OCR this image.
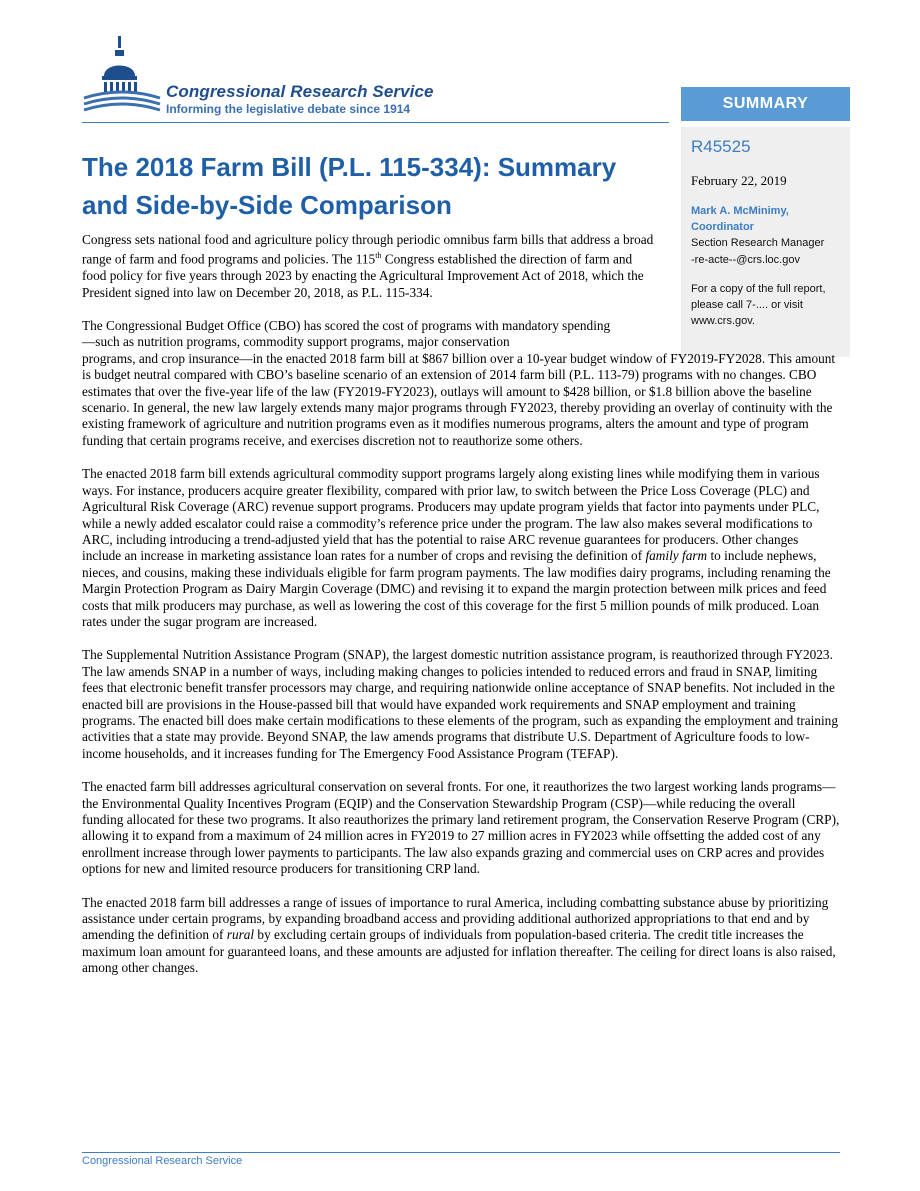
Congressional Research Service
Informing the legislative debate since 1914	SUMMARY
R45525
February 22, 2019
Mark A. McMinimy,
Coordinator
Section Research Manager
-re-acte--@crs.loc.gov
For a copy of the full report, please call 7-.... or visit www.crs.gov.
The 2018 Farm Bill (P.L. 115-334): Summary and Side-by-Side Comparison

Congress sets national food and agriculture policy through periodic omnibus farm bills that address a broad range of farm and food programs and policies. The 115th Congress established the direction of farm and food policy for five years through 2023 by enacting the Agricultural Improvement Act of 2018, which the President signed into law on December 20, 2018, as P.L. 115-334.

The Congressional Budget Office (CBO) has scored the cost of programs with mandatory spending—such as nutrition programs, commodity support programs, major conservation
programs, and crop insurance—in the enacted 2018 farm bill at $867 billion over a 10-year budget window of FY2019-FY2028. This amount is budget neutral compared with CBO’s baseline scenario of an extension of 2014 farm bill (P.L. 113-79) programs with no changes. CBO estimates that over the five-year life of the law (FY2019-FY2023), outlays will amount to $428 billion, or $1.8 billion above the baseline scenario. In general, the new law largely extends many major programs through FY2023, thereby providing an overlay of continuity with the existing framework of agriculture and nutrition programs even as it modifies numerous programs, alters the amount and type of program funding that certain programs receive, and exercises discretion not to reauthorize some others.

The enacted 2018 farm bill extends agricultural commodity support programs largely along existing lines while modifying them in various ways. For instance, producers acquire greater flexibility, compared with prior law, to switch between the Price Loss Coverage (PLC) and Agricultural Risk Coverage (ARC) revenue support programs. Producers may update program yields that factor into payments under PLC, while a newly added escalator could raise a commodity’s reference price under the program. The law also makes several modifications to ARC, including introducing a trend-adjusted yield that has the potential to raise ARC revenue guarantees for producers. Other changes include an increase in marketing assistance loan rates for a number of crops and revising the definition of family farm to include nephews, nieces, and cousins, making these individuals eligible for farm program payments. The law modifies dairy programs, including renaming the Margin Protection Program as Dairy Margin Coverage (DMC) and revising it to expand the margin protection between milk prices and feed costs that milk producers may purchase, as well as lowering the cost of this coverage for the first 5 million pounds of milk produced. Loan rates under the sugar program are increased.

The Supplemental Nutrition Assistance Program (SNAP), the largest domestic nutrition assistance program, is reauthorized through FY2023. The law amends SNAP in a number of ways, including making changes to policies intended to reduced errors and fraud in SNAP, limiting fees that electronic benefit transfer processors may charge, and requiring nationwide online acceptance of SNAP benefits. Not included in the enacted bill are provisions in the House-passed bill that would have expanded work requirements and SNAP employment and training programs. The enacted bill does make certain modifications to these elements of the program, such as expanding the employment and training activities that a state may provide. Beyond SNAP, the law amends programs that distribute U.S. Department of Agriculture foods to low-income households, and it increases funding for The Emergency Food Assistance Program (TEFAP).

The enacted farm bill addresses agricultural conservation on several fronts. For one, it reauthorizes the two largest working lands programs—the Environmental Quality Incentives Program (EQIP) and the Conservation Stewardship Program (CSP)—while reducing the overall funding allocated for these two programs. It also reauthorizes the primary land retirement program, the Conservation Reserve Program (CRP), allowing it to expand from a maximum of 24 million acres in FY2019 to 27 million acres in FY2023 while offsetting the added cost of any enrollment increase through lower payments to participants. The law also expands grazing and commercial uses on CRP acres and provides options for new and limited resource producers for transitioning CRP land.

The enacted 2018 farm bill addresses a range of issues of importance to rural America, including combatting substance abuse by prioritizing assistance under certain programs, by expanding broadband access and providing additional authorized appropriations to that end and by amending the definition of rural by excluding certain groups of individuals from population-based criteria. The credit title increases the maximum loan amount for guaranteed loans, and these amounts are adjusted for inflation thereafter. The ceiling for direct loans is also raised, among other changes.

Congressional Research Service
